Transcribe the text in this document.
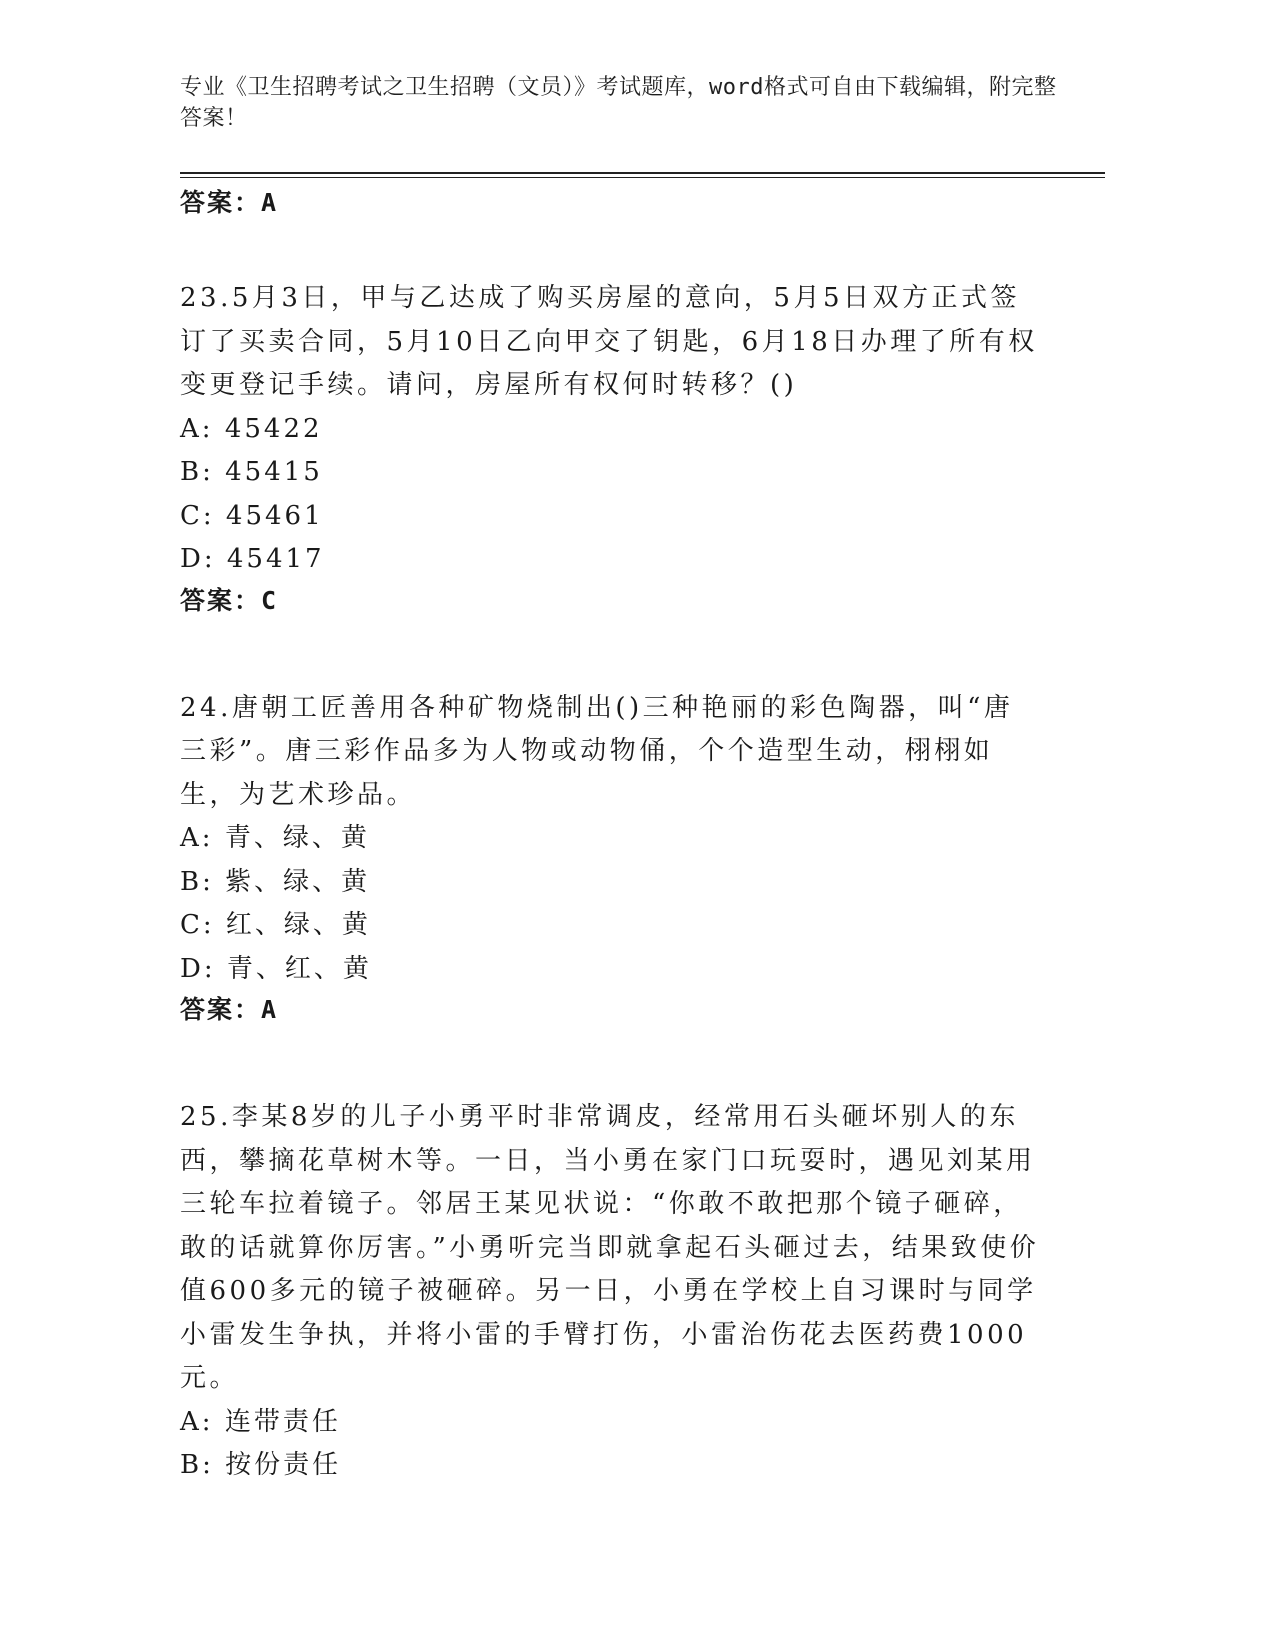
专业《卫生招聘考试之卫生招聘（文员）》考试题库，word格式可自由下载编辑，附完整答案！
答案：A
23.5月3日，甲与乙达成了购买房屋的意向，5月5日双方正式签订了买卖合同，5月10日乙向甲交了钥匙，6月18日办理了所有权变更登记手续。请问，房屋所有权何时转移？()
A: 45422
B: 45415
C: 45461
D: 45417
答案：C
24.唐朝工匠善用各种矿物烧制出()三种艳丽的彩色陶器，叫“唐三彩”。唐三彩作品多为人物或动物俑，个个造型生动，栩栩如生，为艺术珍品。
A: 青、绿、黄
B: 紫、绿、黄
C: 红、绿、黄
D: 青、红、黄
答案：A
25.李某8岁的儿子小勇平时非常调皮，经常用石头砸坏别人的东西，攀摘花草树木等。一日，当小勇在家门口玩耍时，遇见刘某用三轮车拉着镜子。邻居王某见状说：“你敢不敢把那个镜子砸碎，敢的话就算你厉害。”小勇听完当即就拿起石头砸过去，结果致使价值600多元的镜子被砸碎。另一日，小勇在学校上自习课时与同学小雷发生争执，并将小雷的手臂打伤，小雷治伤花去医药费1000元。
A: 连带责任
B: 按份责任
